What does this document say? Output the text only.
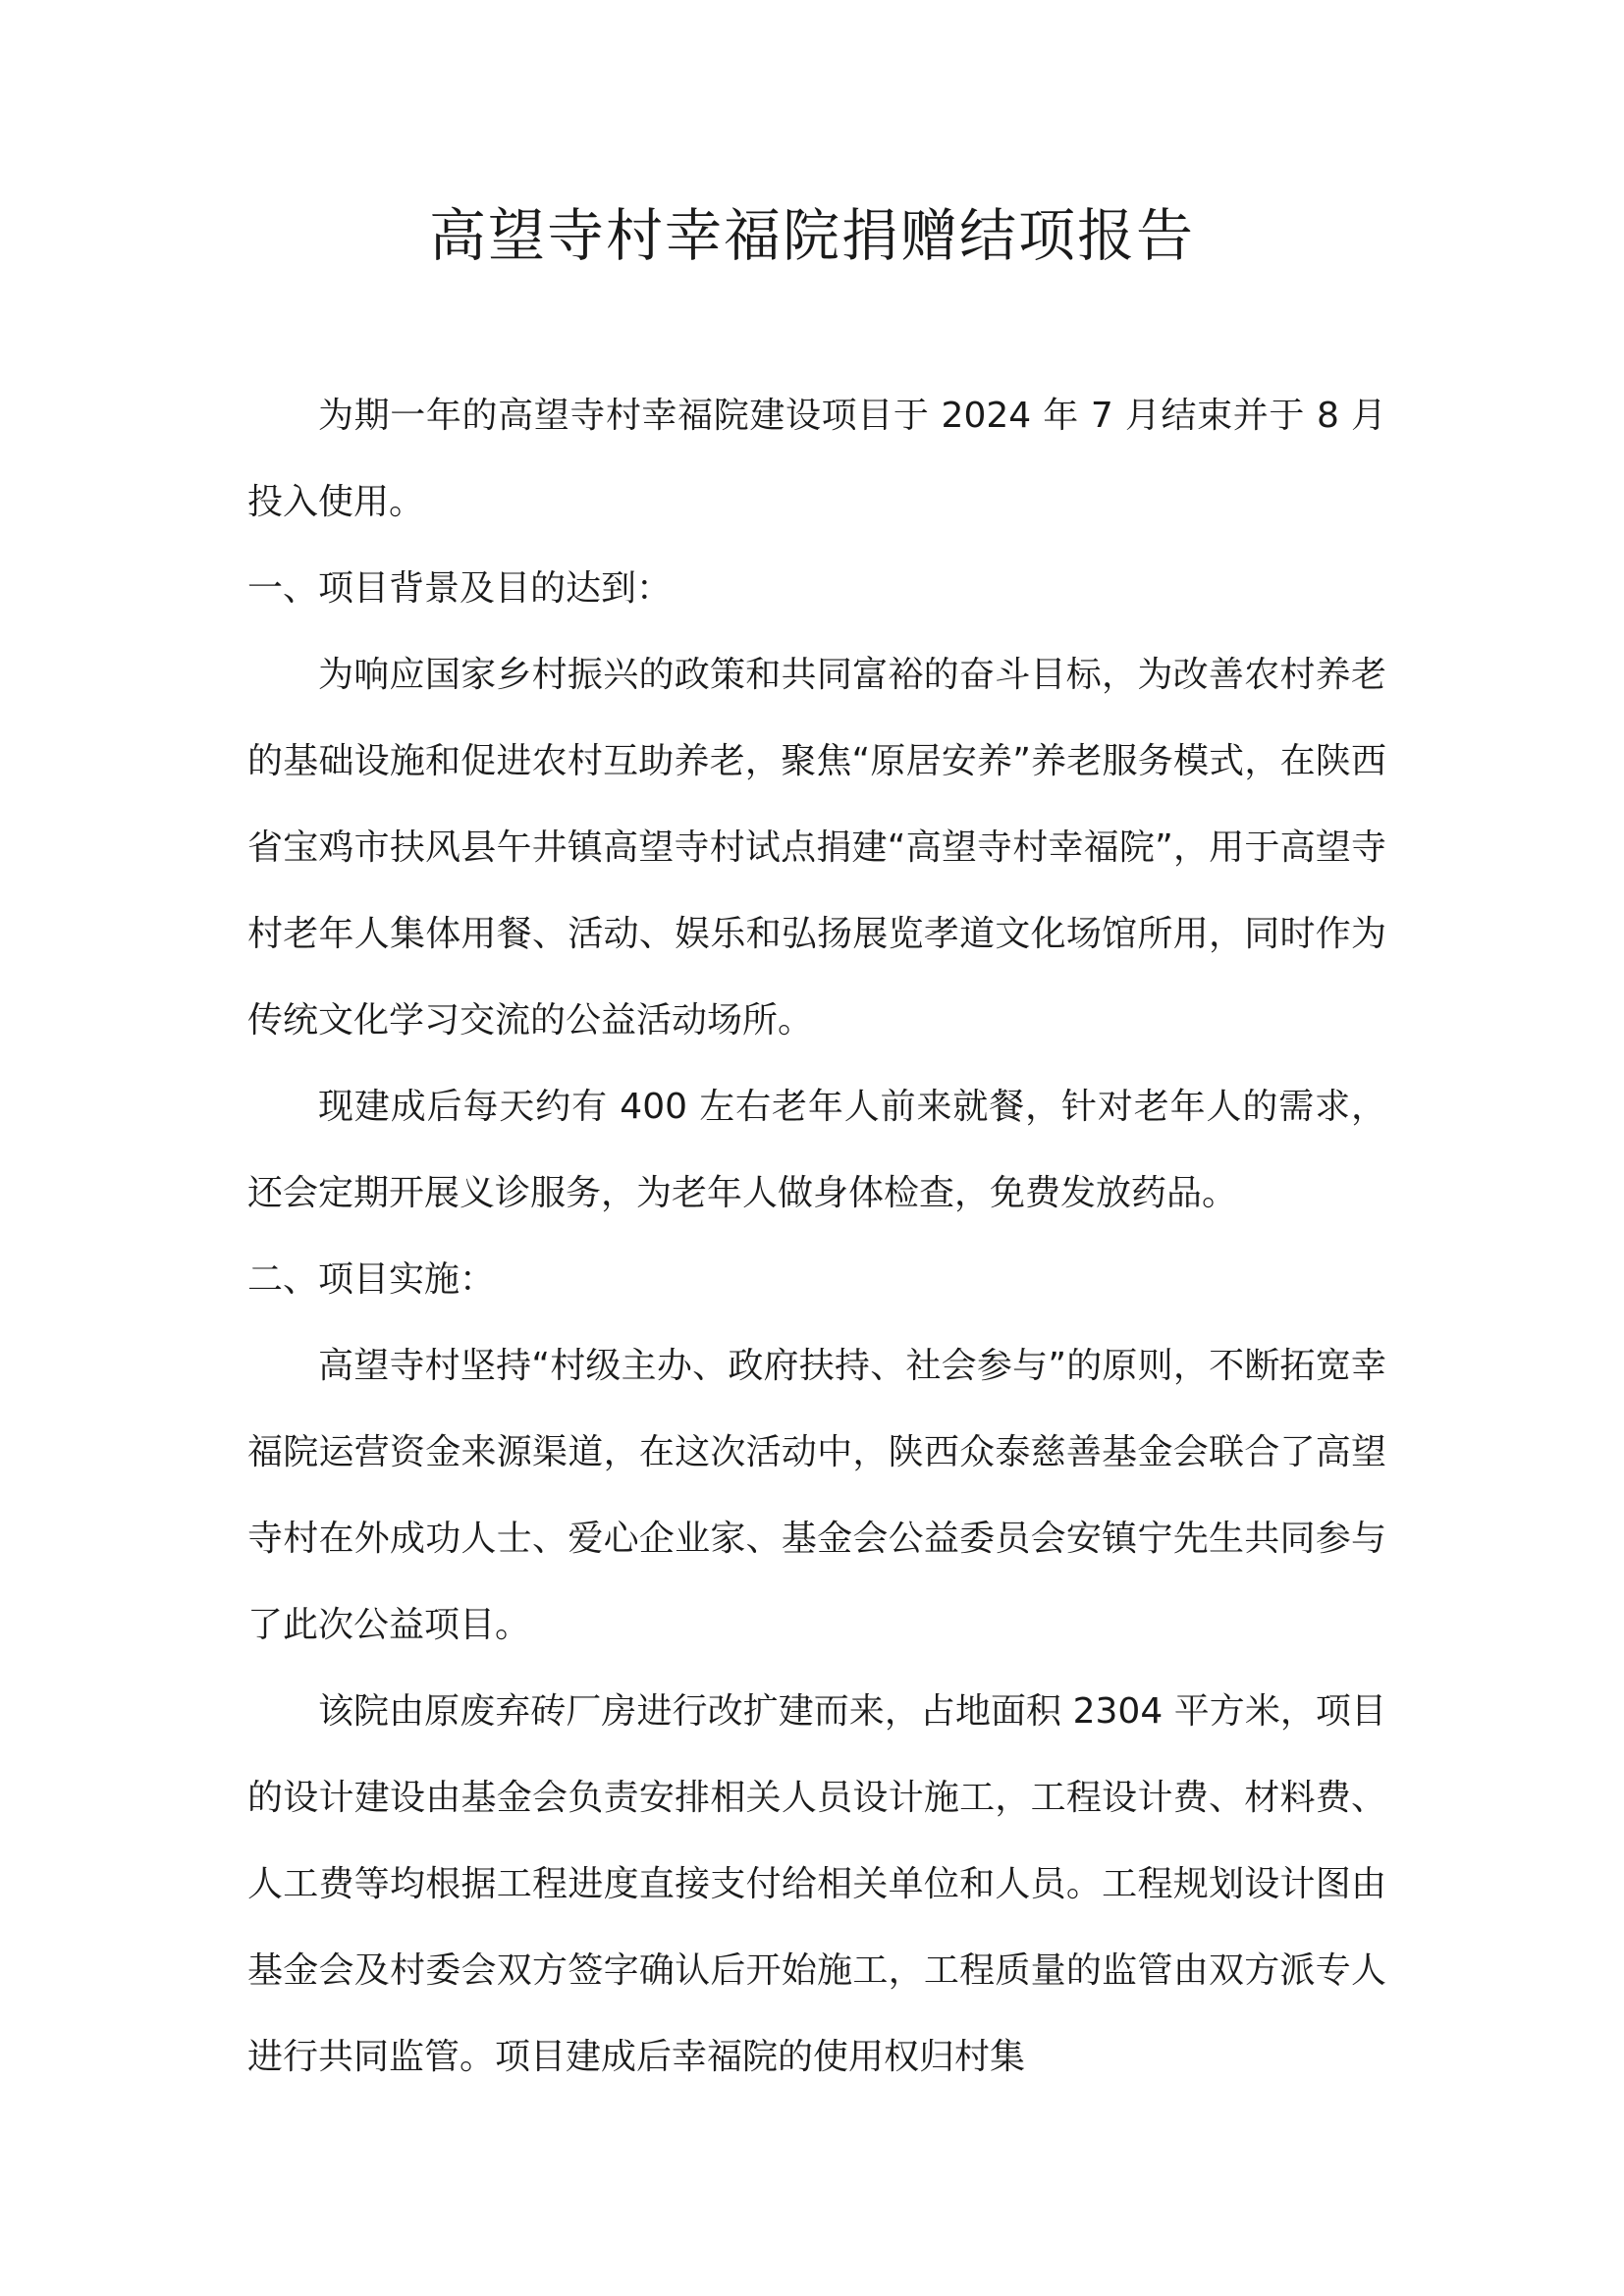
高望寺村幸福院捐赠结项报告

为期一年的高望寺村幸福院建设项目于 2024 年 7 月结束并于 8 月投入使用。

一、项目背景及目的达到：

为响应国家乡村振兴的政策和共同富裕的奋斗目标，为改善农村养老的基础设施和促进农村互助养老，聚焦“原居安养”养老服务模式，在陕西省宝鸡市扶风县午井镇高望寺村试点捐建“高望寺村幸福院”，用于高望寺村老年人集体用餐、活动、娱乐和弘扬展览孝道文化场馆所用，同时作为传统文化学习交流的公益活动场所。

现建成后每天约有 400 左右老年人前来就餐，针对老年人的需求，还会定期开展义诊服务，为老年人做身体检查，免费发放药品。

二、项目实施：

高望寺村坚持“村级主办、政府扶持、社会参与”的原则，不断拓宽幸福院运营资金来源渠道，在这次活动中，陕西众泰慈善基金会联合了高望寺村在外成功人士、爱心企业家、基金会公益委员会安镇宁先生共同参与了此次公益项目。

该院由原废弃砖厂房进行改扩建而来，占地面积 2304 平方米，项目的设计建设由基金会负责安排相关人员设计施工，工程设计费、材料费、人工费等均根据工程进度直接支付给相关单位和人员。工程规划设计图由基金会及村委会双方签字确认后开始施工，工程质量的监管由双方派专人进行共同监管。项目建成后幸福院的使用权归村集
